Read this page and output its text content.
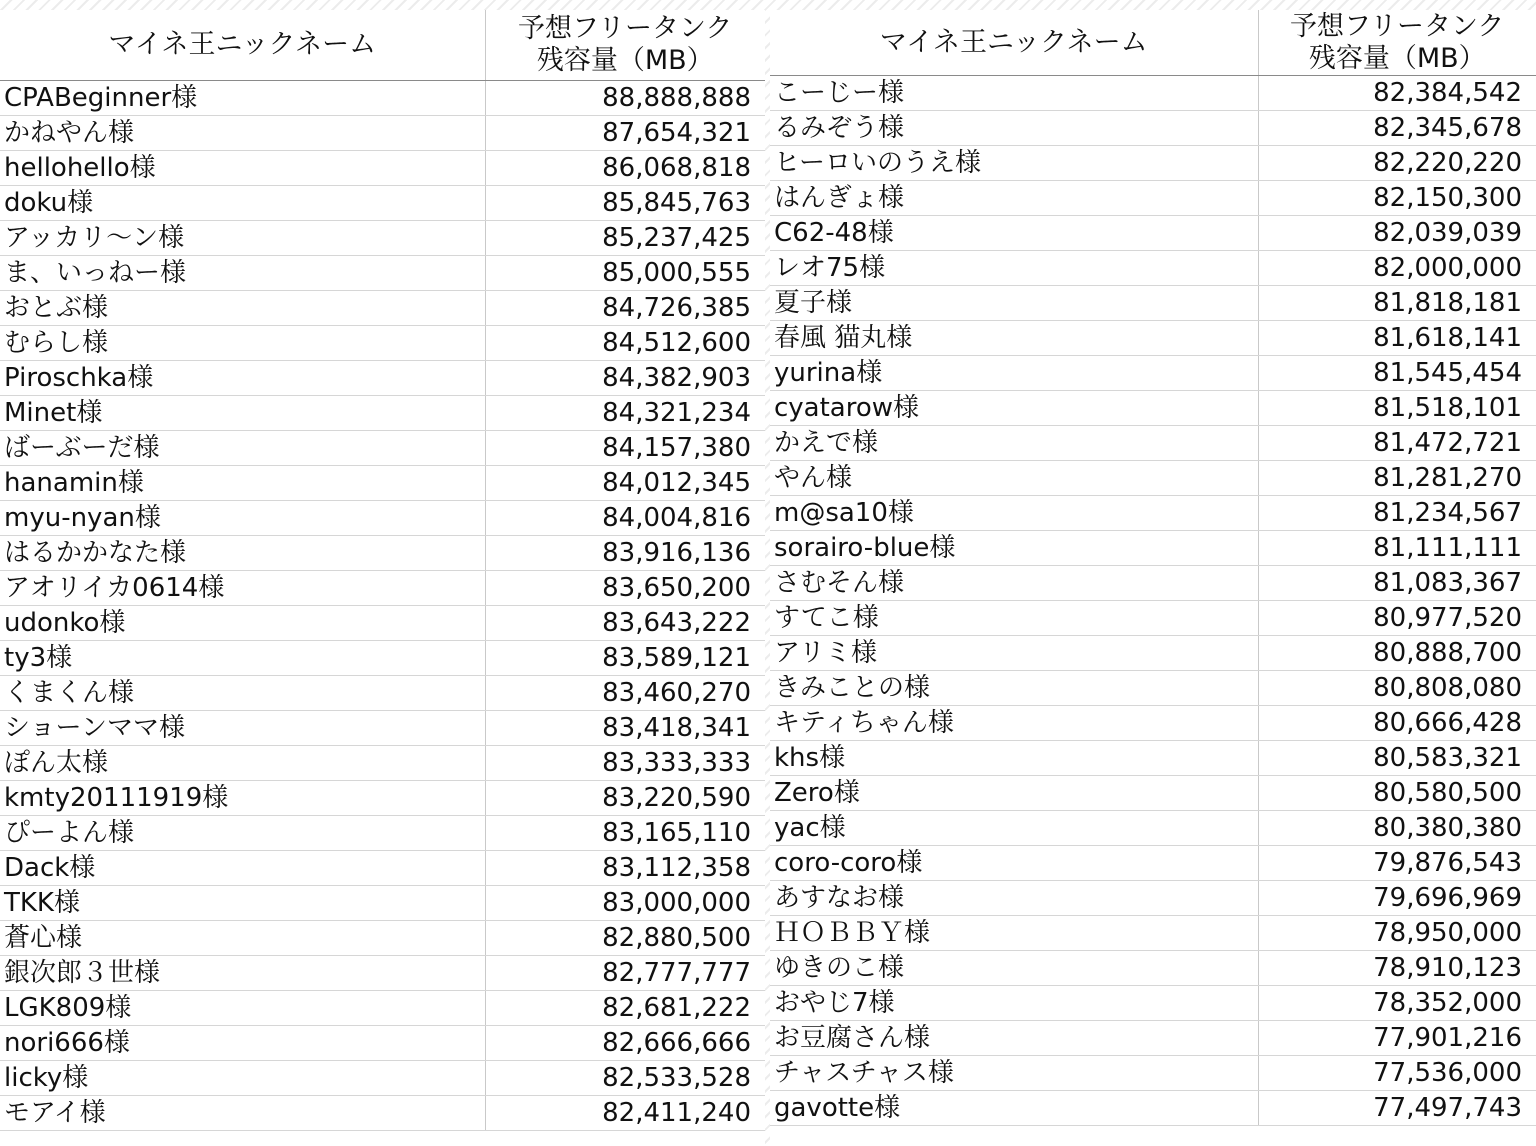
マイネ王ニックネーム	予想フリータンク
残容量（MB）

CPABeginner様	88,888,888
かねやん様	87,654,321
hellohello様	86,068,818
doku様	85,845,763
アッカリ～ン様	85,237,425
ま、いっねー様	85,000,555
おとぶ様	84,726,385
むらし様	84,512,600
Piroschka様	84,382,903
Minet様	84,321,234
ばーぶーだ様	84,157,380
hanamin様	84,012,345
myu-nyan様	84,004,816
はるかかなた様	83,916,136
アオリイカ0614様	83,650,200
udonko様	83,643,222
ty3様	83,589,121
くまくん様	83,460,270
ショーンママ様	83,418,341
ぽん太様	83,333,333
kmty20111919様	83,220,590
ぴーよん様	83,165,110
Dack様	83,112,358
TKK様	83,000,000
蒼心様	82,880,500
銀次郎３世様	82,777,777
LGK809様	82,681,222
nori666様	82,666,666
licky様	82,533,528
モアイ様	82,411,240
マイネ王ニックネーム	予想フリータンク
残容量（MB）

こーじー様	82,384,542
るみぞう様	82,345,678
ヒーロいのうえ様	82,220,220
はんぎょ様	82,150,300
C62-48様	82,039,039
レオ75様	82,000,000
夏子様	81,818,181
春風 猫丸様	81,618,141
yurina様	81,545,454
cyatarow様	81,518,101
かえで様	81,472,721
やん様	81,281,270
m@sa10様	81,234,567
sorairo-blue様	81,111,111
さむそん様	81,083,367
すてこ様	80,977,520
アリミ様	80,888,700
きみことの様	80,808,080
キティちゃん様	80,666,428
khs様	80,583,321
Zero様	80,580,500
yac様	80,380,380
coro-coro様	79,876,543
あすなお様	79,696,969
ＨＯＢＢＹ様	78,950,000
ゆきのこ様	78,910,123
おやじ7様	78,352,000
お豆腐さん様	77,901,216
チャスチャス様	77,536,000
gavotte様	77,497,743
